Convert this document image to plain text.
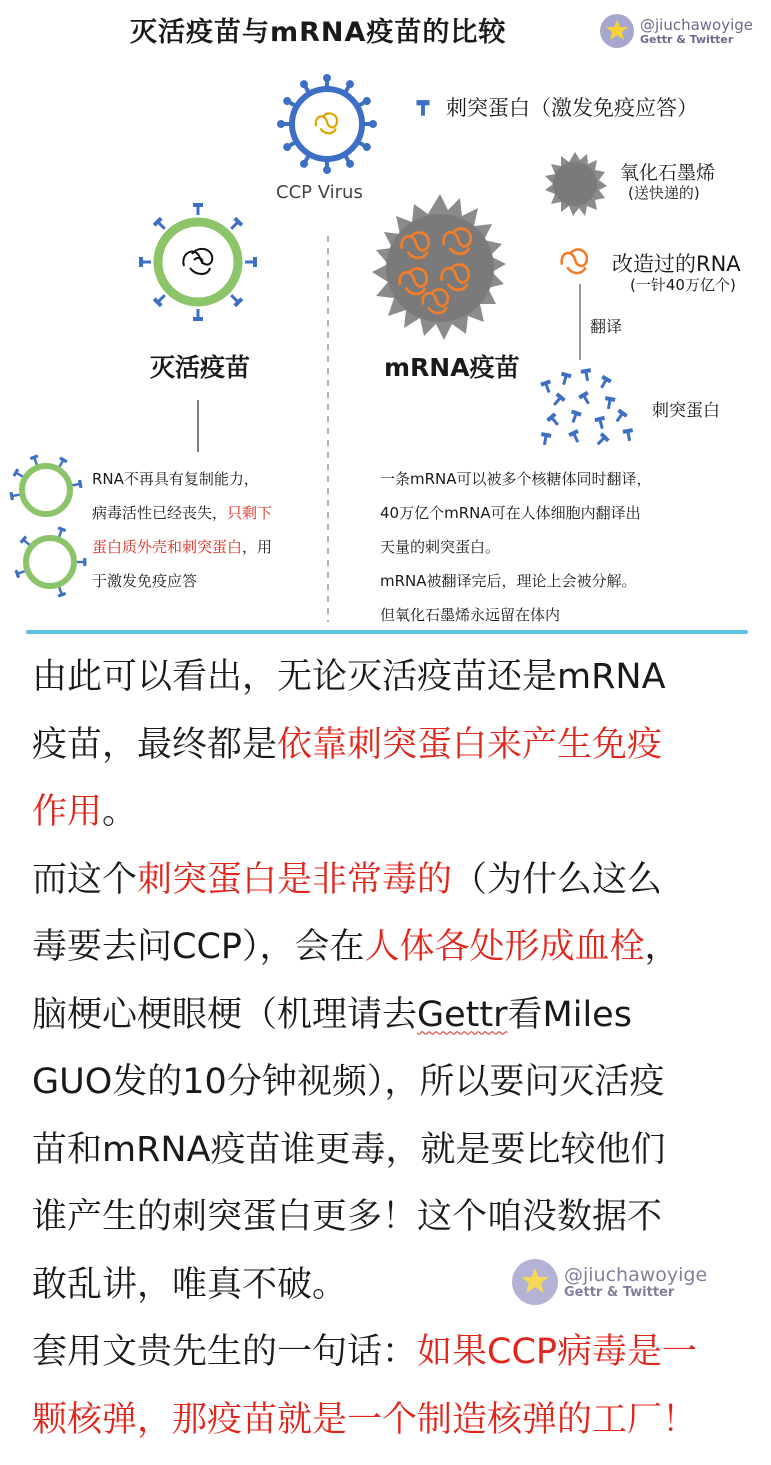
灭活疫苗与mRNA疫苗的比较	@jiuchawoyige
Gettr & Twitter
刺突蛋白（激发免疫应答）
CCP Virus
氧化石墨烯
(送快递的)
改造过的RNA
(一针40万亿个)
翻译
刺突蛋白
灭活疫苗	mRNA疫苗
RNA不再具有复制能力，
病毒活性已经丧失，只剩下
蛋白质外壳和刺突蛋白，用
于激发免疫应答
一条mRNA可以被多个核糖体同时翻译，
40万亿个mRNA可在人体细胞内翻译出
天量的刺突蛋白。
mRNA被翻译完后，理论上会被分解。
但氧化石墨烯永远留在体内

由此可以看出，无论灭活疫苗还是mRNA

疫苗，最终都是依靠刺突蛋白来产生免疫

作用。

而这个刺突蛋白是非常毒的（为什么这么

毒要去问CCP），会在人体各处形成血栓，

脑梗心梗眼梗（机理请去Gettr看Miles

GUO发的10分钟视频），所以要问灭活疫

苗和mRNA疫苗谁更毒，就是要比较他们

谁产生的刺突蛋白更多！这个咱没数据不

敢乱讲，唯真不破。

套用文贵先生的一句话：如果CCP病毒是一

颗核弹，那疫苗就是一个制造核弹的工厂！

@jiuchawoyige
Gettr & Twitter
